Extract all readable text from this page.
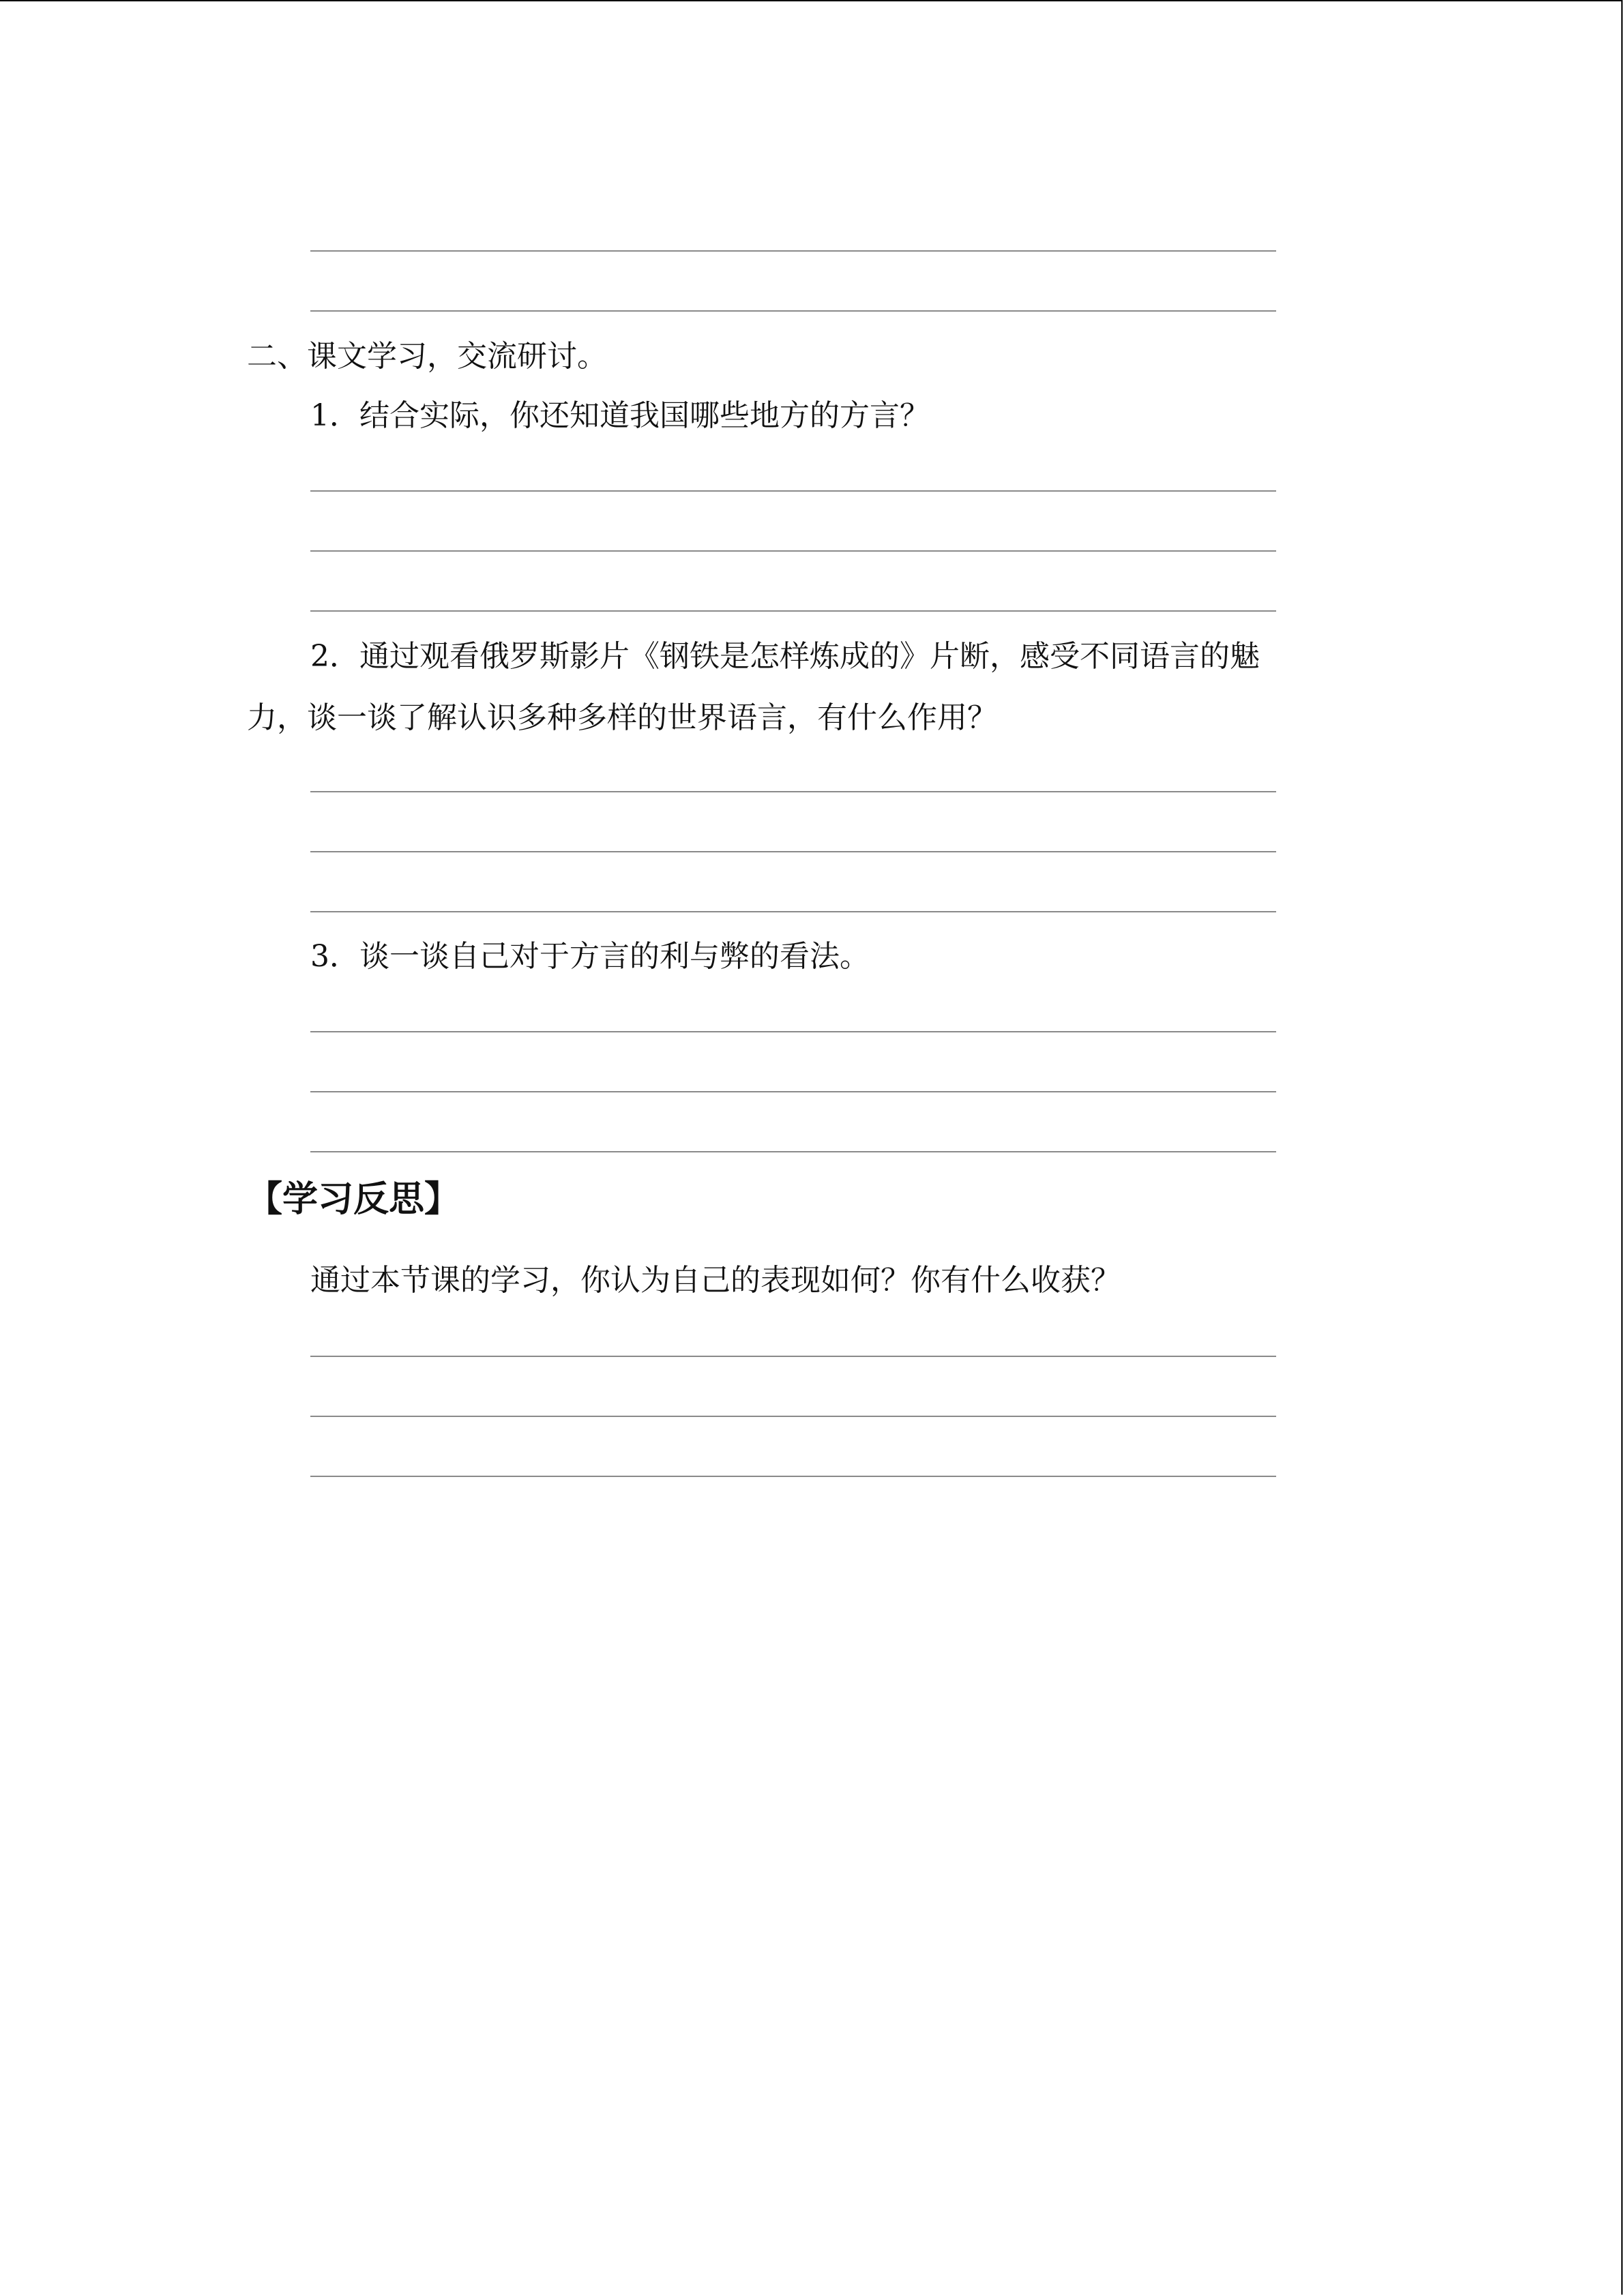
二、课文学习，交流研讨。
1．结合实际，你还知道我国哪些地方的方言？
2．通过观看俄罗斯影片《钢铁是怎样炼成的》片断，感受不同语言的魅
力，谈一谈了解认识多种多样的世界语言，有什么作用？
3．谈一谈自己对于方言的利与弊的看法。
【学习反思】
通过本节课的学习，你认为自己的表现如何？你有什么收获？
